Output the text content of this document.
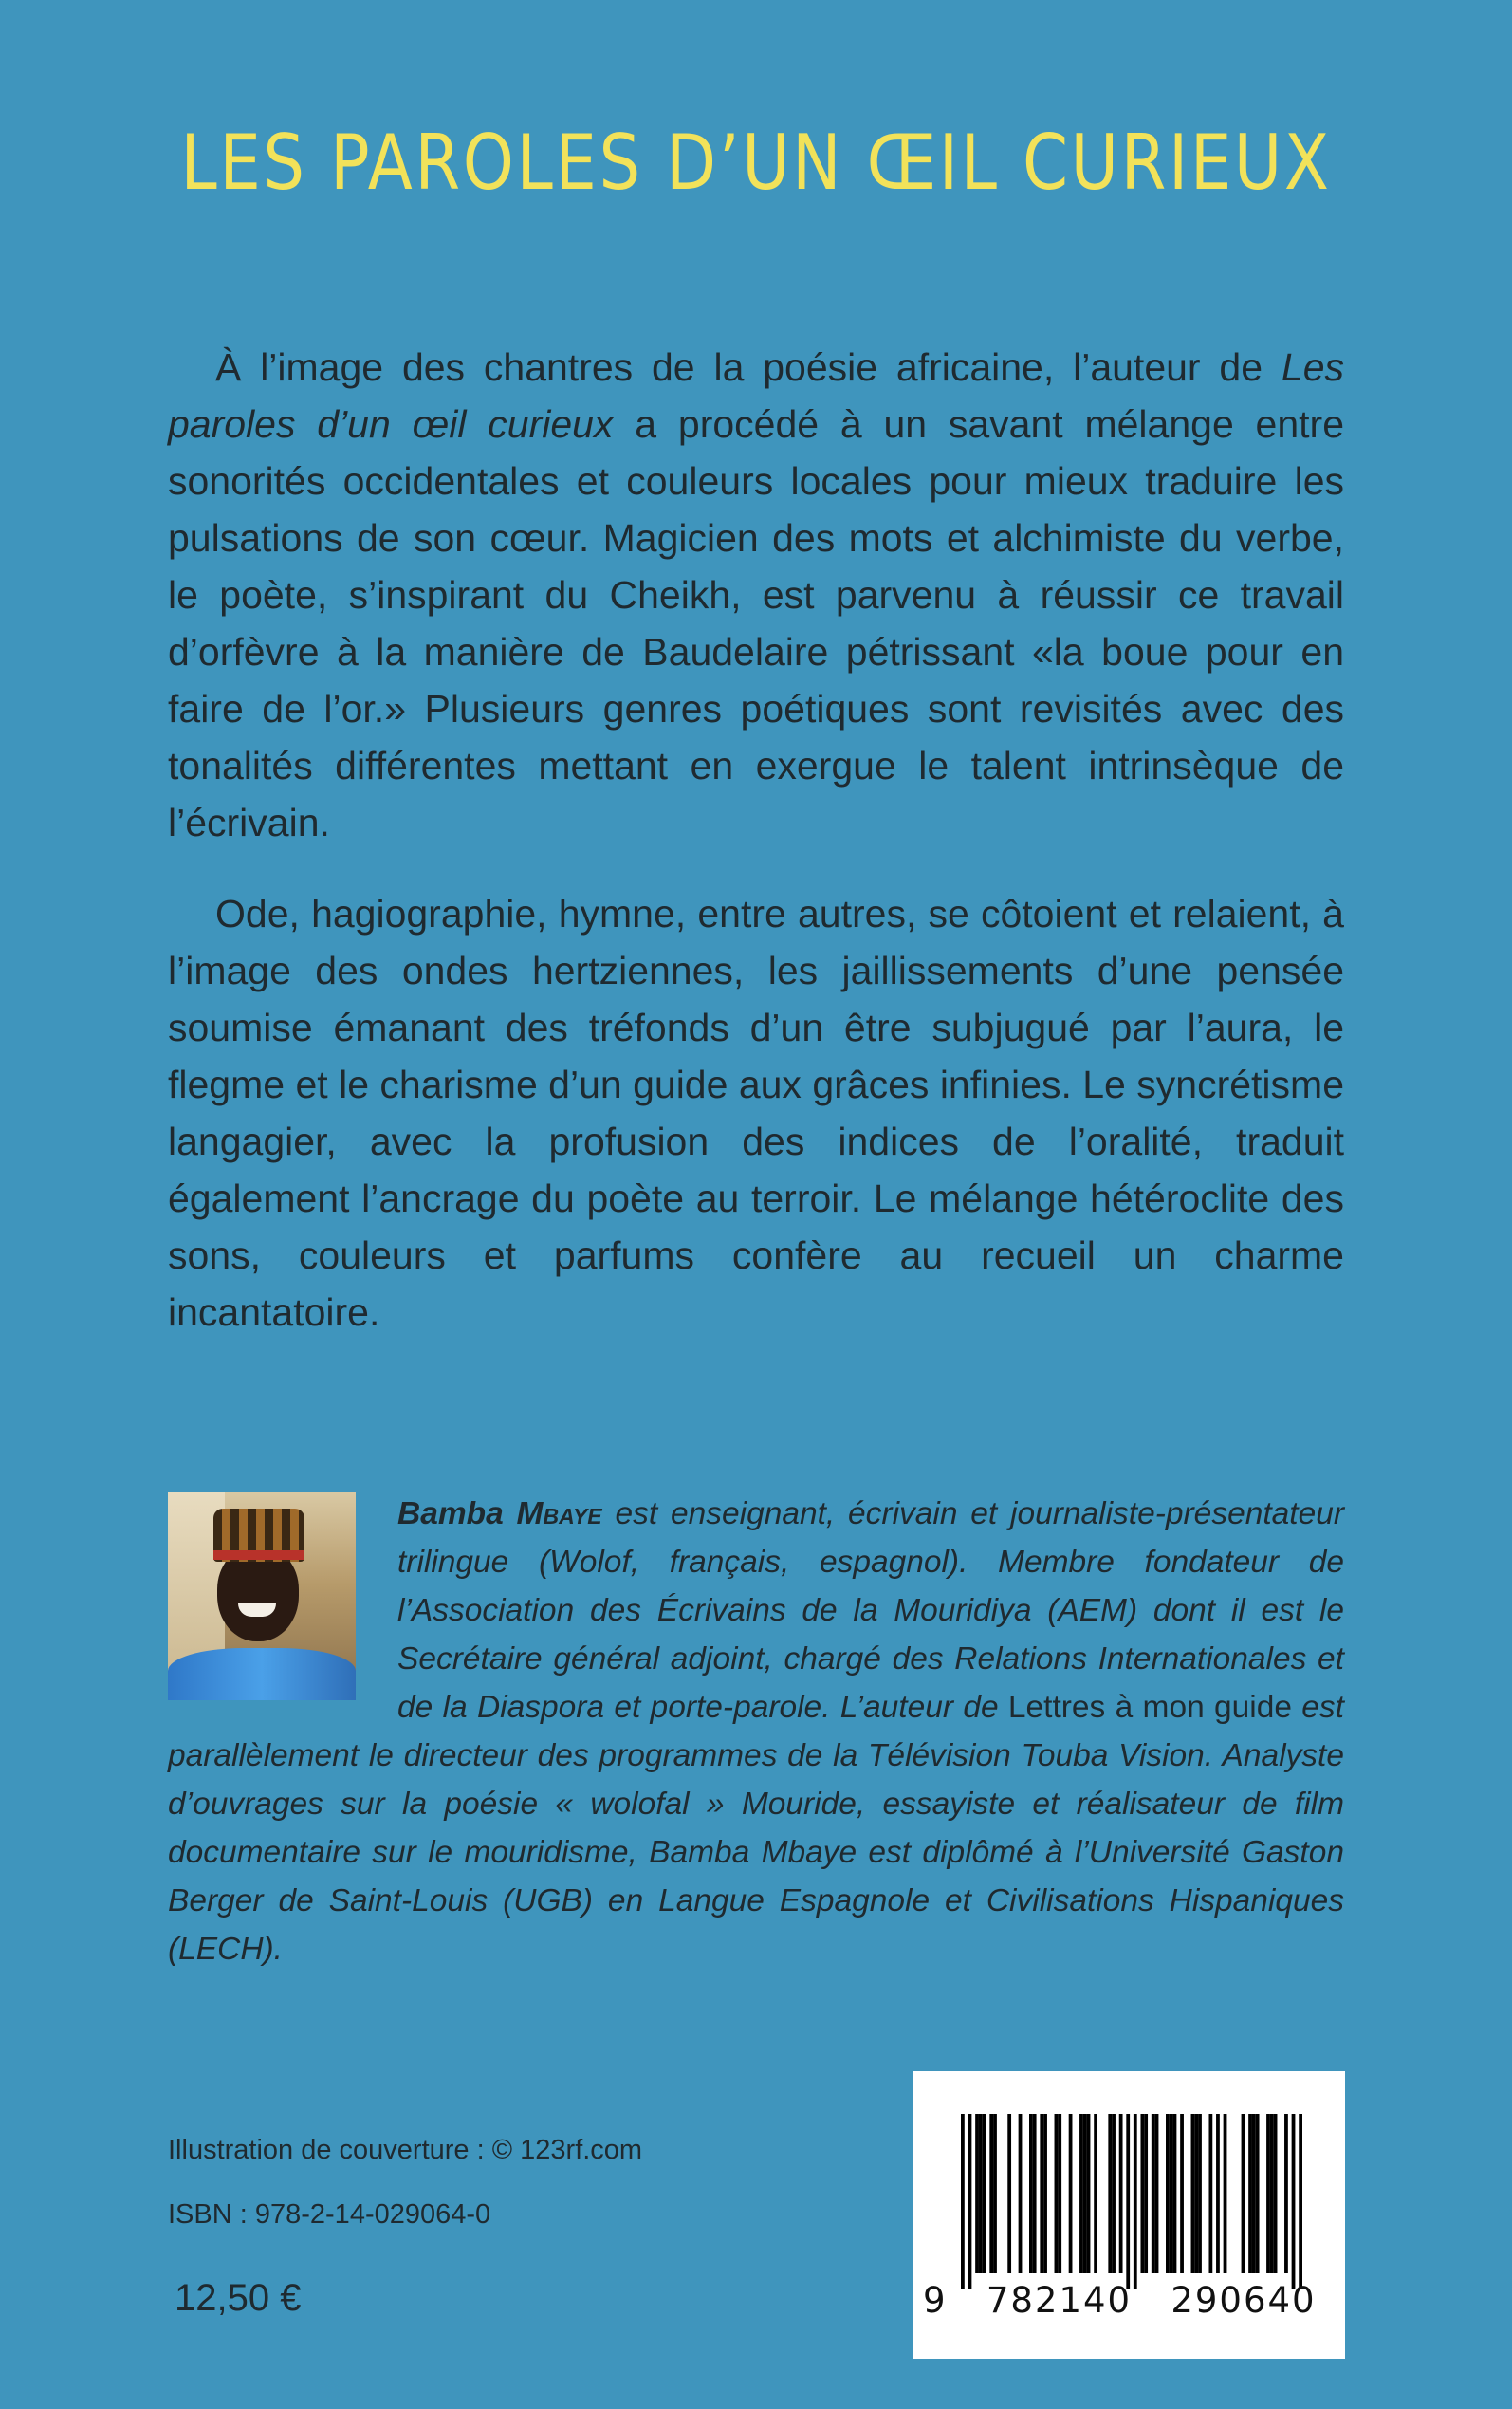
LES PAROLES D’UN ŒIL CURIEUX

À l’image des chantres de la poésie africaine, l’auteur de Les paroles d’un œil curieux a procédé à un savant mélange entre sonorités occidentales et couleurs locales pour mieux traduire les pulsations de son cœur. Magicien des mots et alchimiste du verbe, le poète, s’inspirant du Cheikh, est parvenu à réussir ce travail d’orfèvre à la manière de Baudelaire pétrissant «la boue pour en faire de l’or.» Plusieurs genres poétiques sont revisités avec des tonalités différentes mettant en exergue le talent intrinsèque de l’écrivain.

Ode, hagiographie, hymne, entre autres, se côtoient et relaient, à l’image des ondes hertziennes, les jaillissements d’une pensée soumise émanant des tréfonds d’un être subjugué par l’aura, le flegme et le charisme d’un guide aux grâces infinies. Le syncrétisme langagier, avec la profusion des indices de l’oralité, traduit également l’ancrage du poète au terroir. Le mélange hétéroclite des sons, couleurs et parfums confère au recueil un charme incantatoire.

Bamba Mbaye est enseignant, écrivain et journaliste-présentateur trilingue (Wolof, français, espagnol). Membre fondateur de l’Association des Écrivains de la Mouridiya (AEM) dont il est le Secrétaire général adjoint, chargé des Relations Internationales et de la Diaspora et porte-parole. L’auteur de Lettres à mon guide est parallèlement le directeur des programmes de la Télévision Touba Vision. Analyste d’ouvrages sur la poésie « wolofal » Mouride, essayiste et réalisateur de film documentaire sur le mouridisme, Bamba Mbaye est diplômé à l’Université Gaston Berger de Saint-Louis (UGB) en Langue Espagnole et Civilisations Hispaniques (LECH).

Illustration de couverture : © 123rf.com
ISBN : 978-2-14-029064-0
12,50 €	9   782140   290640
